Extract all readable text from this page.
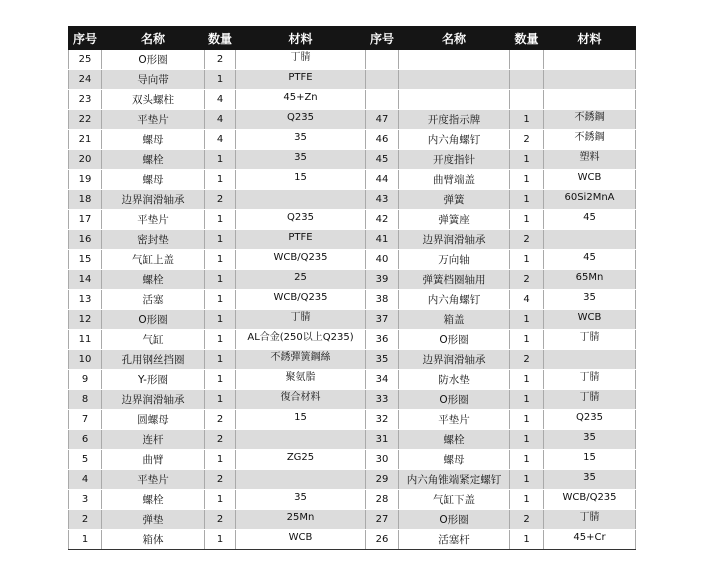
序号	名称	数量	材料	序号	名称	数量	材料
25	O形圈	2	丁腈				
24	导向带	1	PTFE				
23	双头螺柱	4	45+Zn				
22	平垫片	4	Q235	47	开度指示牌	1	不銹鋼
21	螺母	4	35	46	内六角螺钉	2	不銹鋼
20	螺栓	1	35	45	开度指针	1	塑料
19	螺母	1	15	44	曲臂端盖	1	WCB
18	边界润滑轴承	2		43	弹簧	1	60Si2MnA
17	平垫片	1	Q235	42	弹簧座	1	45
16	密封垫	1	PTFE	41	边界润滑轴承	2	
15	气缸上盖	1	WCB/Q235	40	万向轴	1	45
14	螺栓	1	25	39	弹簧档圈轴用	2	65Mn
13	活塞	1	WCB/Q235	38	内六角螺钉	4	35
12	O形圈	1	丁腈	37	箱盖	1	WCB
11	气缸	1	AL合金(250以上Q235)	36	O形圈	1	丁腈
10	孔用钢丝挡圈	1	不銹彈簧鋼絲	35	边界润滑轴承	2	
9	Y-形圈	1	聚氨脂	34	防水垫	1	丁腈
8	边界润滑轴承	1	復合材料	33	O形圈	1	丁腈
7	圆螺母	2	15	32	平垫片	1	Q235
6	连杆	2		31	螺栓	1	35
5	曲臂	1	ZG25	30	螺母	1	15
4	平垫片	2		29	内六角锥端紧定螺钉	1	35
3	螺栓	1	35	28	气缸下盖	1	WCB/Q235
2	弹垫	2	25Mn	27	O形圈	2	丁腈
1	箱体	1	WCB	26	活塞杆	1	45+Cr
